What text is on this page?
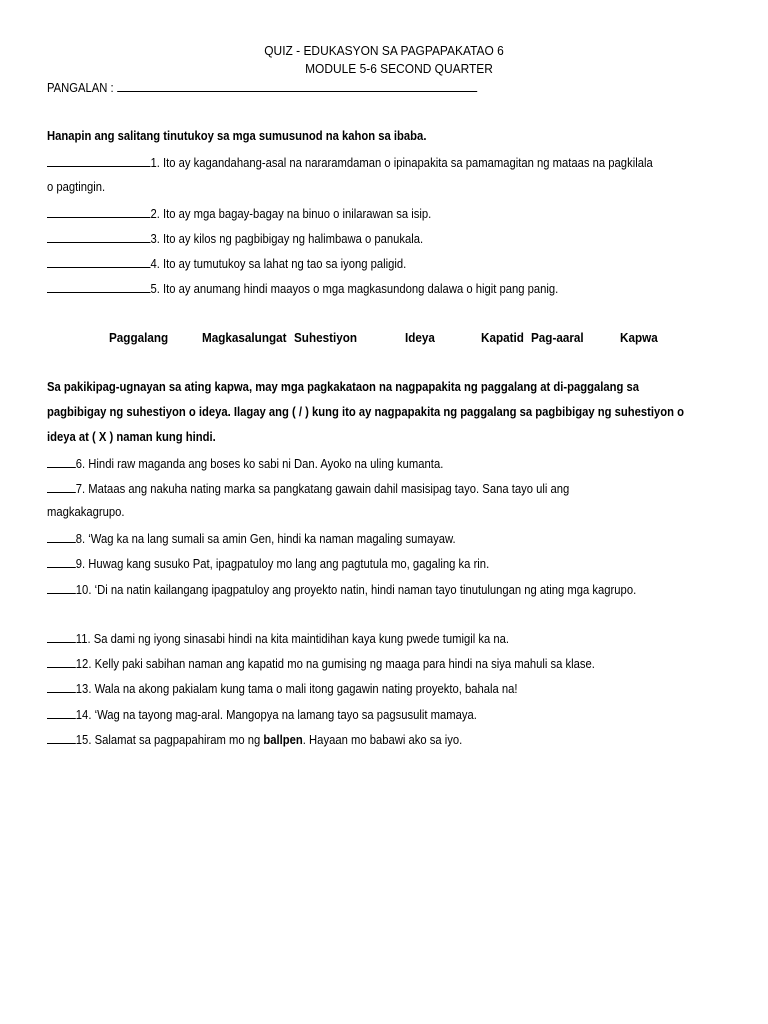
QUIZ - EDUKASYON SA PAGPAPAKATAO 6
MODULE 5-6 SECOND QUARTER
PANGALAN :
Hanapin ang salitang tinutukoy sa mga sumusunod na kahon sa ibaba.
1. Ito ay kagandahang-asal na nararamdaman o ipinapakita sa pamamagitan ng mataas na pagkilala
o pagtingin.
2. Ito ay mga bagay-bagay na binuo o inilarawan sa isip.
3. Ito ay kilos ng pagbibigay ng halimbawa o panukala.
4. Ito ay tumutukoy sa lahat ng tao sa iyong paligid.
5. Ito ay anumang hindi maayos o mga magkasundong dalawa o higit pang panig.
Paggalang	Magkasalungat Suhestiyon	Ideya	Kapatid Pag-aaral	Kapwa
Sa pakikipag-ugnayan sa ating kapwa, may mga pagkakataon na nagpapakita ng paggalang at di-paggalang sa
pagbibigay ng suhestiyon o ideya. Ilagay ang ( / ) kung ito ay nagpapakita ng paggalang sa pagbibigay ng suhestiyon o
ideya at ( X ) naman kung hindi.
6. Hindi raw maganda ang boses ko sabi ni Dan. Ayoko na uling kumanta.
7. Mataas ang nakuha nating marka sa pangkatang gawain dahil masisipag tayo. Sana tayo uli ang
magkakagrupo.
8. ‘Wag ka na lang sumali sa amin Gen, hindi ka naman magaling sumayaw.
9. Huwag kang susuko Pat, ipagpatuloy mo lang ang pagtutula mo, gagaling ka rin.
10. ‘Di na natin kailangang ipagpatuloy ang proyekto natin, hindi naman tayo tinutulungan ng ating mga kagrupo.
11. Sa dami ng iyong sinasabi hindi na kita maintidihan kaya kung pwede tumigil ka na.
12. Kelly paki sabihan naman ang kapatid mo na gumising ng maaga para hindi na siya mahuli sa klase.
13. Wala na akong pakialam kung tama o mali itong gagawin nating proyekto, bahala na!
14. ‘Wag na tayong mag-aral. Mangopya na lamang tayo sa pagsusulit mamaya.
15. Salamat sa pagpapahiram mo ng ballpen. Hayaan mo babawi ako sa iyo.
